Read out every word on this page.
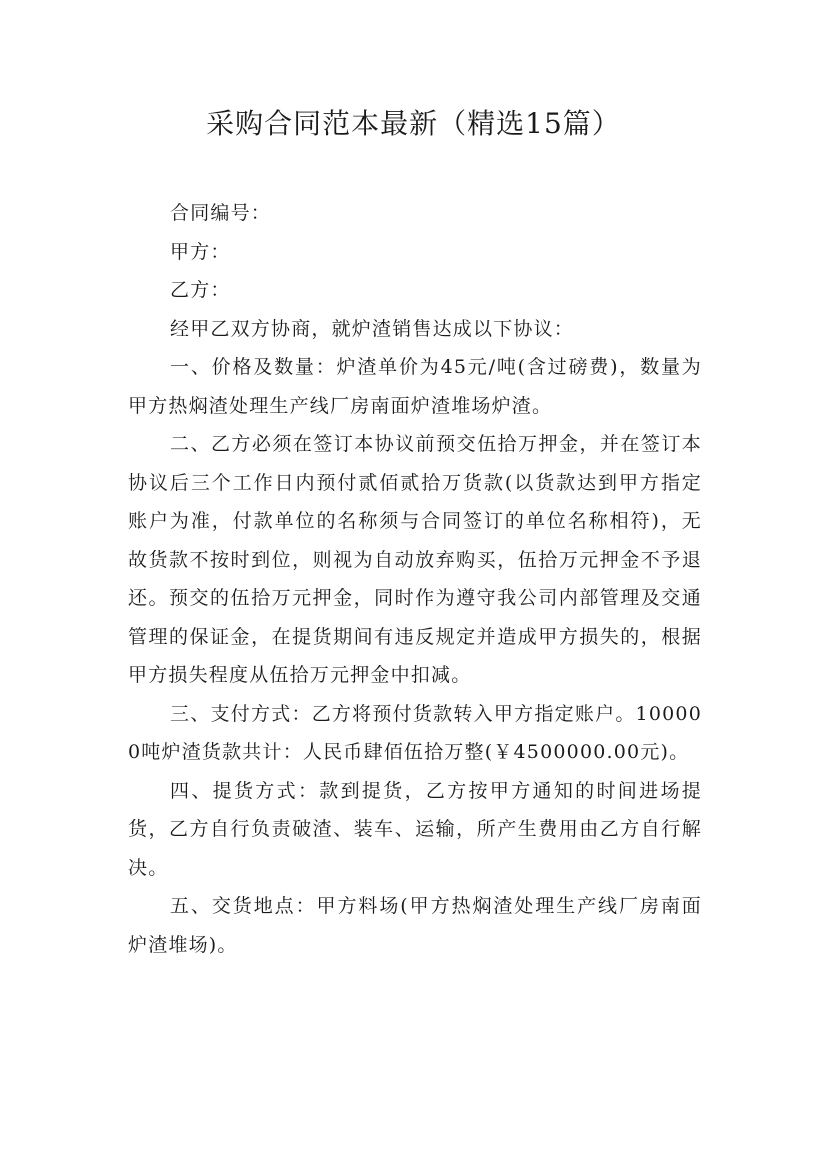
采购合同范本最新（精选15篇）

合同编号：

甲方：

乙方：

经甲乙双方协商，就炉渣销售达成以下协议：

一、价格及数量：炉渣单价为45元/吨(含过磅费)，数量为甲方热焖渣处理生产线厂房南面炉渣堆场炉渣。

二、乙方必须在签订本协议前预交伍拾万押金，并在签订本协议后三个工作日内预付贰佰贰拾万货款(以货款达到甲方指定账户为准，付款单位的名称须与合同签订的单位名称相符)，无故货款不按时到位，则视为自动放弃购买，伍拾万元押金不予退还。预交的伍拾万元押金，同时作为遵守我公司内部管理及交通管理的保证金，在提货期间有违反规定并造成甲方损失的，根据甲方损失程度从伍拾万元押金中扣减。

三、支付方式：乙方将预付货款转入甲方指定账户。100000吨炉渣货款共计：人民币肆佰伍拾万整(￥4500000.00元)。

四、提货方式：款到提货，乙方按甲方通知的时间进场提货，乙方自行负责破渣、装车、运输，所产生费用由乙方自行解决。

五、交货地点：甲方料场(甲方热焖渣处理生产线厂房南面炉渣堆场)。
